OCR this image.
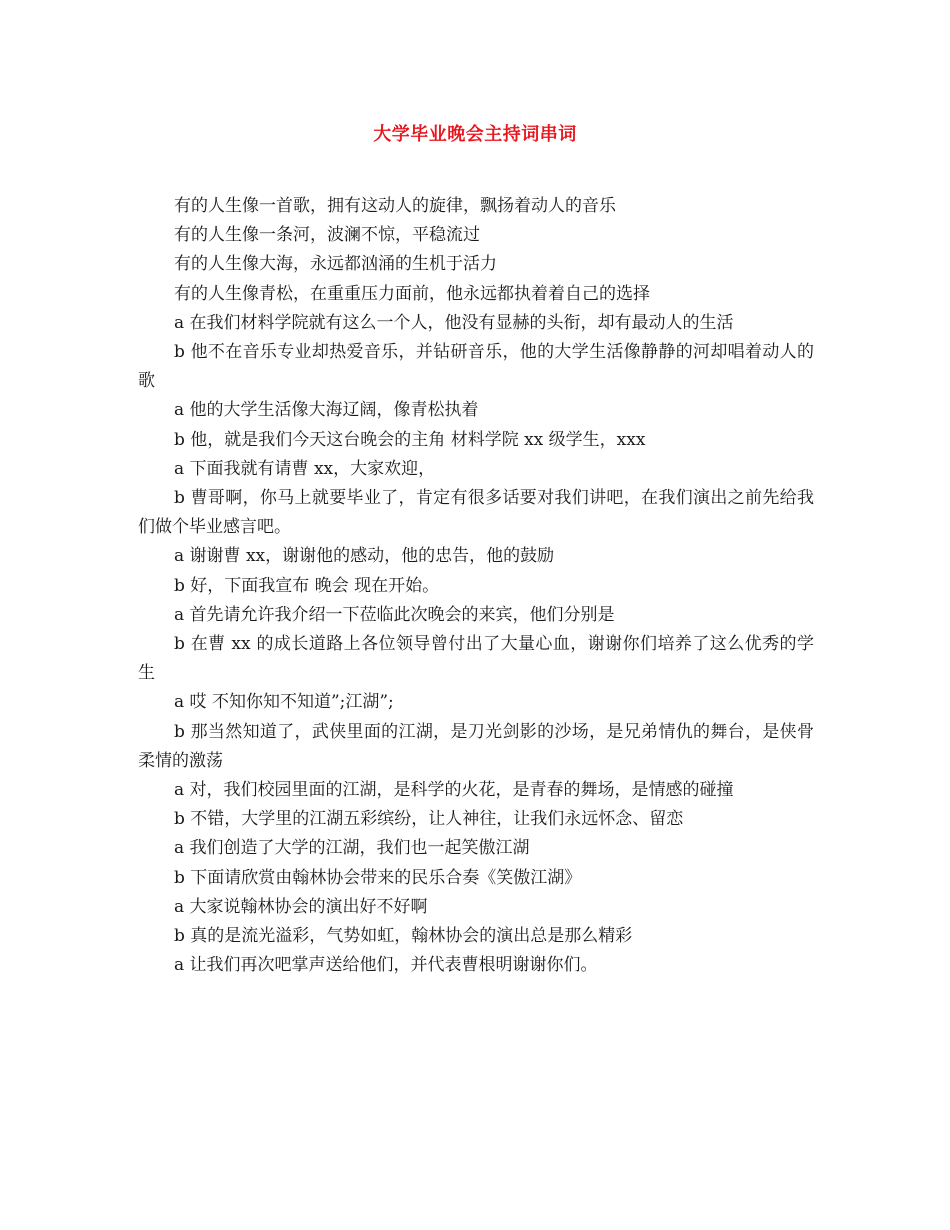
大学毕业晚会主持词串词

有的人生像一首歌，拥有这动人的旋律，飘扬着动人的音乐

有的人生像一条河，波澜不惊，平稳流过

有的人生像大海，永远都汹涌的生机于活力

有的人生像青松，在重重压力面前，他永远都执着着自己的选择

a 在我们材料学院就有这么一个人，他没有显赫的头衔，却有最动人的生活

b 他不在音乐专业却热爱音乐，并钻研音乐，他的大学生活像静静的河却唱着动人的歌

a 他的大学生活像大海辽阔，像青松执着

b 他，就是我们今天这台晚会的主角 材料学院 xx 级学生，xxx

a 下面我就有请曹 xx，大家欢迎，

b 曹哥啊，你马上就要毕业了，肯定有很多话要对我们讲吧，在我们演出之前先给我们做个毕业感言吧。

a 谢谢曹 xx，谢谢他的感动，他的忠告，他的鼓励

b 好，下面我宣布 晚会 现在开始。

a 首先请允许我介绍一下莅临此次晚会的来宾，他们分别是

b 在曹 xx 的成长道路上各位领导曾付出了大量心血，谢谢你们培养了这么优秀的学生

a 哎 不知你知不知道”;江湖”;

b 那当然知道了，武侠里面的江湖，是刀光剑影的沙场，是兄弟情仇的舞台，是侠骨柔情的激荡

a 对，我们校园里面的江湖，是科学的火花，是青春的舞场，是情感的碰撞

b 不错，大学里的江湖五彩缤纷，让人神往，让我们永远怀念、留恋

a 我们创造了大学的江湖，我们也一起笑傲江湖

b 下面请欣赏由翰林协会带来的民乐合奏《笑傲江湖》

a 大家说翰林协会的演出好不好啊

b 真的是流光溢彩，气势如虹，翰林协会的演出总是那么精彩

a 让我们再次吧掌声送给他们，并代表曹根明谢谢你们。
